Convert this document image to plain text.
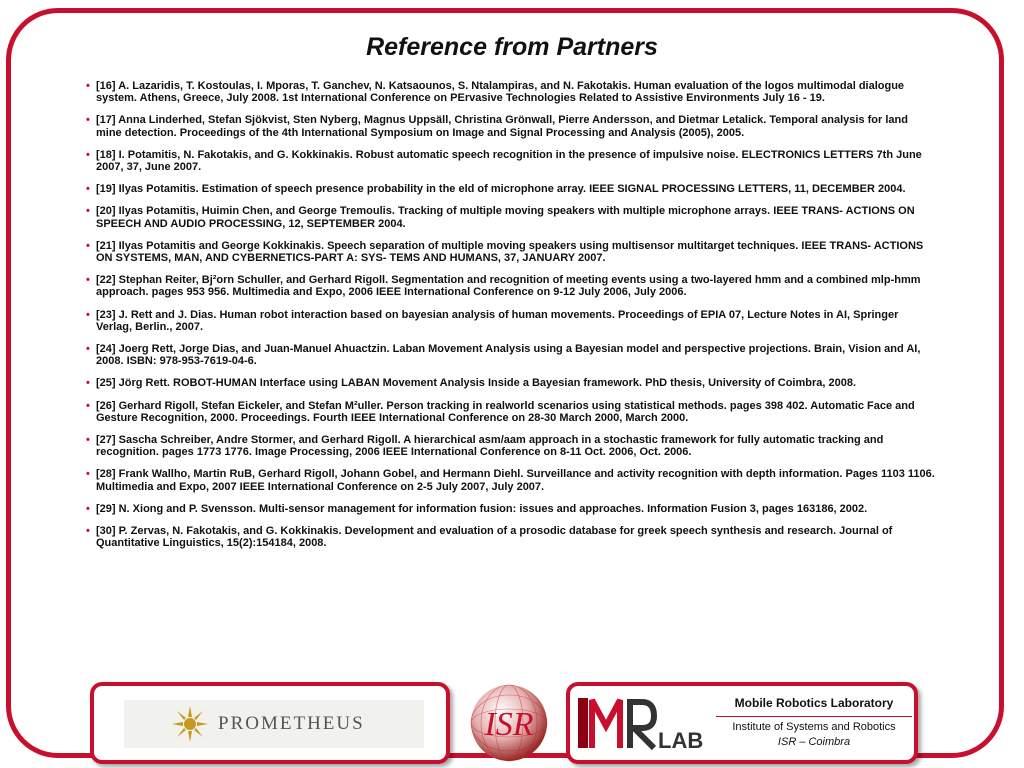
Reference from Partners
• [16] A. Lazaridis, T. Kostoulas, I. Mporas, T. Ganchev, N. Katsaounos, S. Ntalampiras, and N. Fakotakis. Human evaluation of the logos multimodal dialogue system. Athens, Greece, July 2008. 1st International Conference on PErvasive Technologies Related to Assistive Environments July 16 - 19.
• [17] Anna Linderhed, Stefan Sjökvist, Sten Nyberg, Magnus Uppsäll, Christina Grönwall, Pierre Andersson, and Dietmar Letalick. Temporal analysis for land mine detection. Proceedings of the 4th International Symposium on Image and Signal Processing and Analysis (2005), 2005.
• [18] I. Potamitis, N. Fakotakis, and G. Kokkinakis. Robust automatic speech recognition in the presence of impulsive noise. ELECTRONICS LETTERS 7th June 2007, 37, June 2007.
• [19] Ilyas Potamitis. Estimation of speech presence probability in the eld of microphone array. IEEE SIGNAL PROCESSING LETTERS, 11, DECEMBER 2004.
• [20] Ilyas Potamitis, Huimin Chen, and George Tremoulis. Tracking of multiple moving speakers with multiple microphone arrays. IEEE TRANS- ACTIONS ON SPEECH AND AUDIO PROCESSING, 12, SEPTEMBER 2004.
• [21] Ilyas Potamitis and George Kokkinakis. Speech separation of multiple moving speakers using multisensor multitarget techniques. IEEE TRANS- ACTIONS ON SYSTEMS, MAN, AND CYBERNETICS-PART A: SYS- TEMS AND HUMANS, 37, JANUARY 2007.
• [22] Stephan Reiter, Bj²orn Schuller, and Gerhard Rigoll. Segmentation and recognition of meeting events using a two-layered hmm and a combined mlp-hmm approach. pages 953 956. Multimedia and Expo, 2006 IEEE International Conference on 9-12 July 2006, July 2006.
• [23] J. Rett and J. Dias. Human robot interaction based on bayesian analysis of human movements. Proceedings of EPIA 07, Lecture Notes in AI, Springer Verlag, Berlin., 2007.
• [24] Joerg Rett, Jorge Dias, and Juan-Manuel Ahuactzin. Laban Movement Analysis using a Bayesian model and perspective projections. Brain, Vision and AI, 2008. ISBN: 978-953-7619-04-6.
• [25] Jörg Rett. ROBOT-HUMAN Interface using LABAN Movement Analysis Inside a Bayesian framework. PhD thesis, University of Coimbra, 2008.
• [26] Gerhard Rigoll, Stefan Eickeler, and Stefan M²uller. Person tracking in realworld scenarios using statistical methods. pages 398 402. Automatic Face and Gesture Recognition, 2000. Proceedings. Fourth IEEE International Conference on 28-30 March 2000, March 2000.
• [27] Sascha Schreiber, Andre Stormer, and Gerhard Rigoll. A hierarchical asm/aam approach in a stochastic framework for fully automatic tracking and recognition. pages 1773 1776. Image Processing, 2006 IEEE International Conference on 8-11 Oct. 2006, Oct. 2006.
• [28] Frank Wallho, Martin RuB, Gerhard Rigoll, Johann Gobel, and Hermann Diehl. Surveillance and activity recognition with depth information. Pages 1103 1106. Multimedia and Expo, 2007 IEEE International Conference on 2-5 July 2007, July 2007.
• [29] N. Xiong and P. Svensson. Multi-sensor management for information fusion: issues and approaches. Information Fusion 3, pages 163186, 2002.
• [30] P. Zervas, N. Fakotakis, and G. Kokkinakis. Development and evaluation of a prosodic database for greek speech synthesis and research. Journal of Quantitative Linguistics, 15(2):154184, 2008.
PROMETHEUS	ISR	LAB
Mobile Robotics Laboratory
Institute of Systems and Robotics
ISR – Coimbra
